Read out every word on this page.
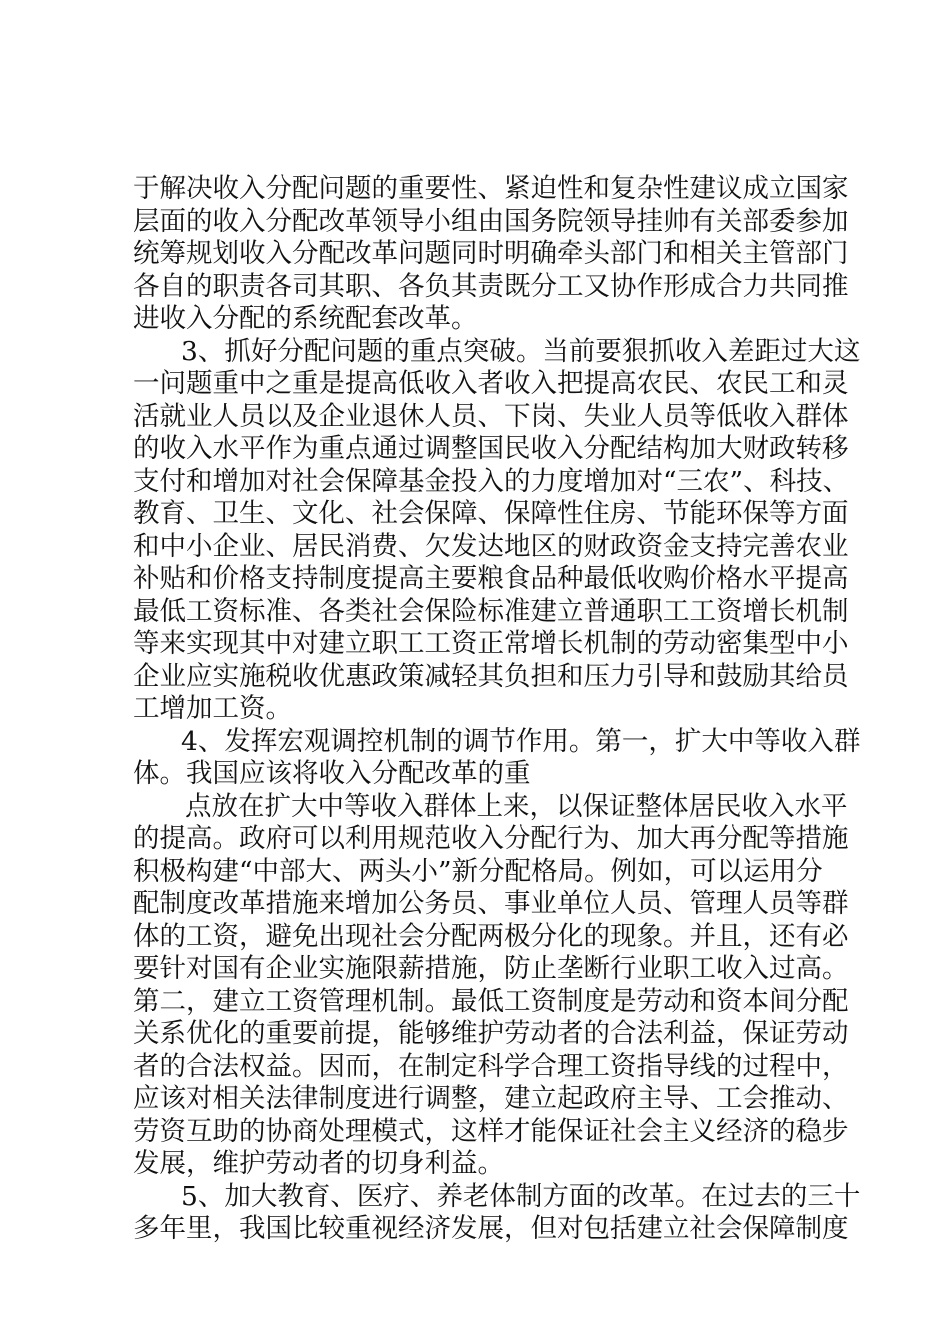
于解决收入分配问题的重要性、紧迫性和复杂性建议成立国家
层面的收入分配改革领导小组由国务院领导挂帅有关部委参加
统筹规划收入分配改革问题同时明确牵头部门和相关主管部门
各自的职责各司其职、各负其责既分工又协作形成合力共同推
进收入分配的系统配套改革。
3、抓好分配问题的重点突破。当前要狠抓收入差距过大这
一问题重中之重是提高低收入者收入把提高农民、农民工和灵
活就业人员以及企业退休人员、下岗、失业人员等低收入群体
的收入水平作为重点通过调整国民收入分配结构加大财政转移
支付和增加对社会保障基金投入的力度增加对“三农”、科技、
教育、卫生、文化、社会保障、保障性住房、节能环保等方面
和中小企业、居民消费、欠发达地区的财政资金支持完善农业
补贴和价格支持制度提高主要粮食品种最低收购价格水平提高
最低工资标准、各类社会保险标准建立普通职工工资增长机制
等来实现其中对建立职工工资正常增长机制的劳动密集型中小
企业应实施税收优惠政策减轻其负担和压力引导和鼓励其给员
工增加工资。
4、发挥宏观调控机制的调节作用。第一，扩大中等收入群
体。我国应该将收入分配改革的重
点放在扩大中等收入群体上来，以保证整体居民收入水平
的提高。政府可以利用规范收入分配行为、加大再分配等措施
积极构建“中部大、两头小”新分配格局。例如，可以运用分
配制度改革措施来增加公务员、事业单位人员、管理人员等群
体的工资，避免出现社会分配两极分化的现象。并且，还有必
要针对国有企业实施限薪措施，防止垄断行业职工收入过高。
第二，建立工资管理机制。最低工资制度是劳动和资本间分配
关系优化的重要前提，能够维护劳动者的合法利益，保证劳动
者的合法权益。因而，在制定科学合理工资指导线的过程中，
应该对相关法律制度进行调整，建立起政府主导、工会推动、
劳资互助的协商处理模式，这样才能保证社会主义经济的稳步
发展，维护劳动者的切身利益。
5、加大教育、医疗、养老体制方面的改革。在过去的三十
多年里，我国比较重视经济发展，但对包括建立社会保障制度
